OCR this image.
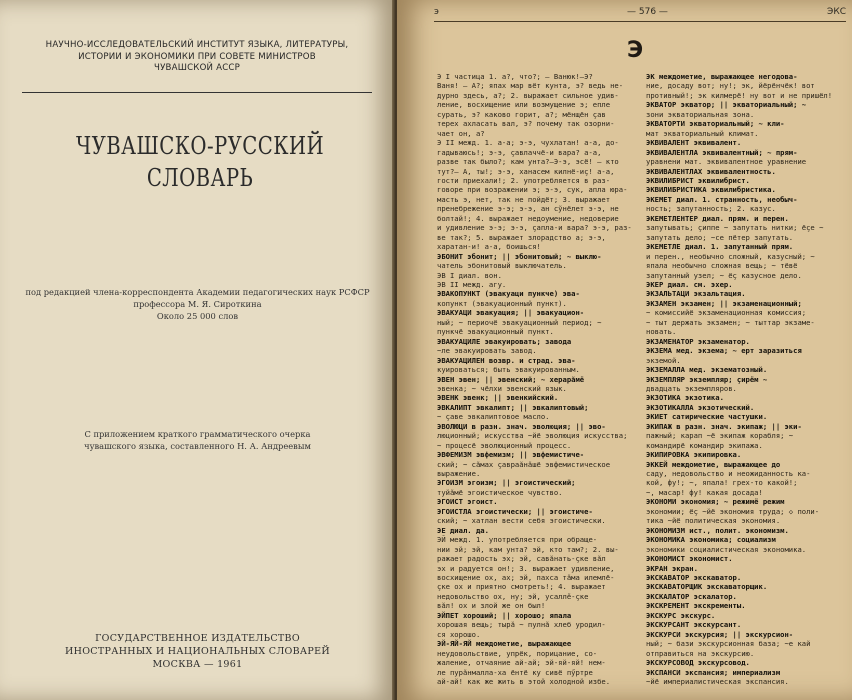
НАУЧНО-ИССЛЕДОВАТЕЛЬСКИЙ ИНСТИТУТ ЯЗЫКА, ЛИТЕРАТУРЫ,
ИСТОРИИ И ЭКОНОМИКИ ПРИ СОВЕТЕ МИНИСТРОВ
ЧУВАШСКОЙ АССР
ЧУВАШСКО-РУССКИЙ
СЛОВАРЬ
под редакцией члена-корреспондента Академии педагогических наук РСФСР
профессора М. Я. Сироткина
Около 25 000 слов
С приложением краткого грамматического очерка
чувашского языка, составленного Н. А. Андреевым
ГОСУДАРСТВЕННОЕ ИЗДАТЕЛЬСТВО
ИНОСТРАННЫХ И НАЦИОНАЛЬНЫХ СЛОВАРЕЙ
МОСКВА — 1961
э	— 576 —	ЭКС
Э
Э I частица 1. а?, что?; — Ванюк!—Э?
Ваня! — А?; япах мар вёт кунта, э? ведь не-
дурно здесь, а?; 2. выражает сильное удив-
ление, восхищение или возмущение э; епле
сурать, э? каково горит, а?; мёнщён ҫав
терех ахласать вал, э? почему так озорни-
чает он, а?
Э II межд. 1. а-а; э-э, чухлатан! а-а, до-
гадываюсь!; э-э, ҫавлаччё-и вара? а-а,
разве так было?; кам унта?—Э-э, эсё! — кто
тут?— А, ты!; э-э, ханасем килнё-иҫ! а-а,
гости приехали!; 2. употребляется в раз-
говоре при возражении э; э-э, сук, апла юра-
масть э, нет, так не пойдёт; 3. выражает
пренебрежение э-э; э-э, ан сўнёлет э-э, не
болтай!; 4. выражает недоумение, недоверие
и удивление э-э; э-э, ҫапла-и вара? э-э, раз-
ве так?; 5. выражает злорадство а; э-э,
харатан-и! а-а, боишься!
ЭБОНИТ эбонит; || эбонитовый; ~ выклю-
чатель эбонитовый выключатель.
ЭВ I диал. вон.
ЭВ II межд. агу.
ЭВАКОПУНКТ (эвакуаци пункче) эва-
копункт (эвакуационный пункт).
ЭВАКУАЦИ эвакуация; || эвакуацион-
ный; ~ периочё эвакуационный период; ~
пункчё эвакуационный пункт.
ЭВАКУАЦИЛЕ эвакуировать; завода
~ле эвакуировать завод.
ЭВАКУАЦИЛЕН возвр. и страд. эва-
куироваться; быть эвакуированным.
ЭВЕН эвен; || эвенский; ~ херарӑмё
эвенка; ~ чёлхи эвенский язык.
ЭВЕНК эвенк; || эвенкийский.
ЭВКАЛИПТ эвкалипт; || эвкалиптовый;
~ ҫаве эвкалиптовое масло.
ЭВОЛЮЦИ в разн. знач. эволюция; || эво-
люционный; искусства ~йё эволюция искусства;
~ процесё эволюционный процесс.
ЭВФЕМИЗМ эвфемизм; || эвфемистиче-
ский; ~ сӑмах ҫавраӑнӑшё эвфемистическое
выражение.
ЭГОИЗМ эгоизм; || эгоистический;
туйӑмё эгоистическое чувство.
ЭГОИСТ эгоист.
ЭГОИСТЛА эгоистически; || эгоистиче-
ский; ~ хатлан вести себя эгоистически.
ЭЕ диал. да.
ЭЙ межд. 1. употребляется при обраще-
нии эй; эй, кам унта? эй, кто там?; 2. вы-
ражает радость эх; эй, савӑнать-ҫке вӑл
эх и радуется он!; 3. выражает удивление,
восхищение ох, ах; эй, пахса тӑма илемлё-
ҫке ох и приятно смотреть!; 4. выражает
недовольство ох, ну; эй, усаллӗ-ҫке
вӑл! ох и злой же он был!
ЭЙПЕТ хороший; || хорошо; япала
хорошая вещь; тырӑ ~ пулнӑ хлеб уродил-
ся хорошо.
ЭЙ-ЯЙ-ЯЙ междометие, выражающее
неудовольствие, упрёк, порицание, со-
жаление, отчаяние ай-ай; эй-яй-яй! нем-
ле пурӑнмалла-ха ёнтё ку сивё пӳртре
ай-ай! как же жить в этой холодной избе.
ЭК междометие, выражающее негодова-
ние, досаду вот; ну!; эк, йёрёнчёк! вот
противный!; эк килмерё! ну вот и не пришёл!
ЭКВАТОР экватор; || экваториальный; ~
зони экваториальная зона.
ЭКВАТОРТИ экваториальный; ~ кли-
мат экваториальный климат.
ЭКВИВАЛЕНТ эквивалент.
ЭКВИВАЛЕНТЛА эквивалентный; ~ прям-
уравнени мат. эквивалентное уравнение
ЭКВИВАЛЕНТЛАХ эквивалентность.
ЭКВИЛИБРИСТ эквилибрист.
ЭКВИЛИБРИСТИКА эквилибристика.
ЭКЕМЕТ диал. 1. странность, необыч-
ность; запутанность; 2. казус.
ЭКЕМЕТЛЕНТЕР диал. прям. и перен.
запутывать; ҫиппе ~ запутать нитки; ёҫе ~
запутать дело; ~се пётер запутать.
ЭКЕМЕТЛЕ диал. 1. запутанный прям.
и перен., необычно сложный, казусный; ~
япала необычно сложная вещь; ~ тёвё
запутанный узел; ~ ёҫ казусное дело.
ЭКЕР диал. см. эхер.
ЭКЗАЛЬТАЦИ экзальтация.
ЭКЗАМЕН экзамен; || экзаменационный;
~ комиссийё экзаменационная комиссия;
~ тыт держать экзамен; ~ тыттар экзаме-
новать.
ЭКЗАМЕНАТОР экзаменатор.
ЭКЗЕМА мед. экзема; ~ ерт заразиться
экземой.
ЭКЗЕМАЛЛА мед. экзематозный.
ЭКЗЕМПЛЯР экземпляр; ҫирём ~
двадцать экземпляров.
ЭКЗОТИКА экзотика.
ЭКЗОТИКАЛЛА экзотический.
ЭКИЕТ сатирические частушки.
ЭКИПАЖ в разн. знач. экипаж; || эки-
пажный; карап ~ё экипаж корабля; ~
командирё командир экипажа.
ЭКИПИРОВКА экипировка.
ЭККЕЙ междометие, выражающее до
саду, недовольство и неожиданность ка-
кой, фу!; ~, япала! грех-то какой!;
~, масар! фу! какая досада!
ЭКОНОМИ экономия; ~ режимё режим
экономии; ёҫ ~йё экономия труда; ◇ поли-
тика ~йё политическая экономия.
ЭКОНОМИЗМ ист., полит. экономизм.
ЭКОНОМИКА экономика; социализм
экономики социалистическая экономика.
ЭКОНОМИСТ экономист.
ЭКРАН экран.
ЭКСКАВАТОР экскаватор.
ЭКСКАВАТОРЩИК экскаваторщик.
ЭКСКАЛАТОР эскалатор.
ЭКСКРЕМЕНТ экскременты.
ЭКСКУРС экскурс.
ЭКСКУРСАНТ экскурсант.
ЭКСКУРСИ экскурсия; || экскурсион-
ный; ~ бази экскурсионная база; ~е кай
отправиться на экскурсию.
ЭКСКУРСОВОД экскурсовод.
ЭКСПАНСИ экспансия; империализм
~йё империалистическая экспансия.
